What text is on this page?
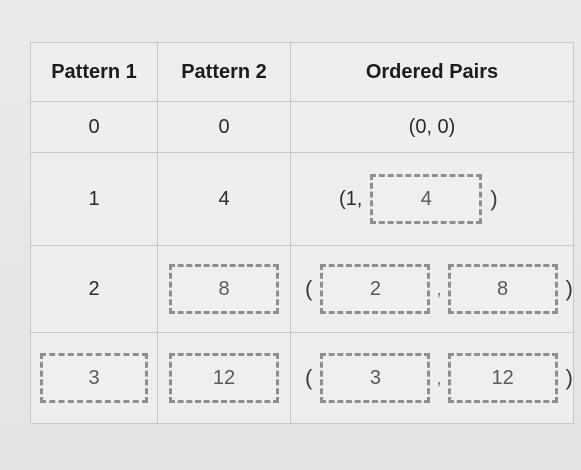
Pattern 1	Pattern 2	Ordered Pairs
0	0	(0, 0)
1	4	(1, 4 )

2	8	( 2 , 8 )

3	12	( 3 , 12 )
